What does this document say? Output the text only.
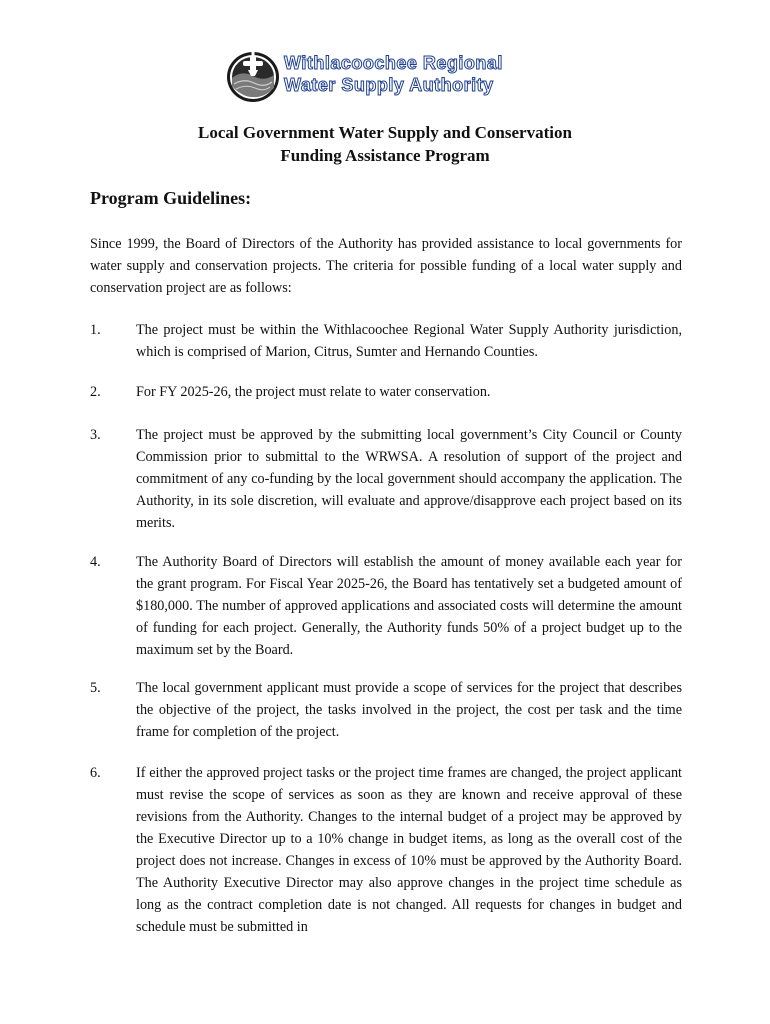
Withlacoochee Regional
Water Supply Authority
Local Government Water Supply and Conservation
Funding Assistance Program
Program Guidelines:

Since 1999, the Board of Directors of the Authority has provided assistance to local governments for water supply and conservation projects. The criteria for possible funding of a local water supply and conservation project are as follows:

1.	The project must be within the Withlacoochee Regional Water Supply Authority jurisdiction, which is comprised of Marion, Citrus, Sumter and Hernando Counties.
2.	For FY 2025-26, the project must relate to water conservation.
3.	The project must be approved by the submitting local government’s City Council or County Commission prior to submittal to the WRWSA. A resolution of support of the project and commitment of any co-funding by the local government should accompany the application. The Authority, in its sole discretion, will evaluate and approve/disapprove each project based on its merits.
4.	The Authority Board of Directors will establish the amount of money available each year for the grant program. For Fiscal Year 2025-26, the Board has tentatively set a budgeted amount of $180,000. The number of approved applications and associated costs will determine the amount of funding for each project. Generally, the Authority funds 50% of a project budget up to the maximum set by the Board.
5.	The local government applicant must provide a scope of services for the project that describes the objective of the project, the tasks involved in the project, the cost per task and the time frame for completion of the project.
6.	If either the approved project tasks or the project time frames are changed, the project applicant must revise the scope of services as soon as they are known and receive approval of these revisions from the Authority. Changes to the internal budget of a project may be approved by the Executive Director up to a 10% change in budget items, as long as the overall cost of the project does not increase. Changes in excess of 10% must be approved by the Authority Board. The Authority Executive Director may also approve changes in the project time schedule as long as the contract completion date is not changed. All requests for changes in budget and schedule must be submitted in
